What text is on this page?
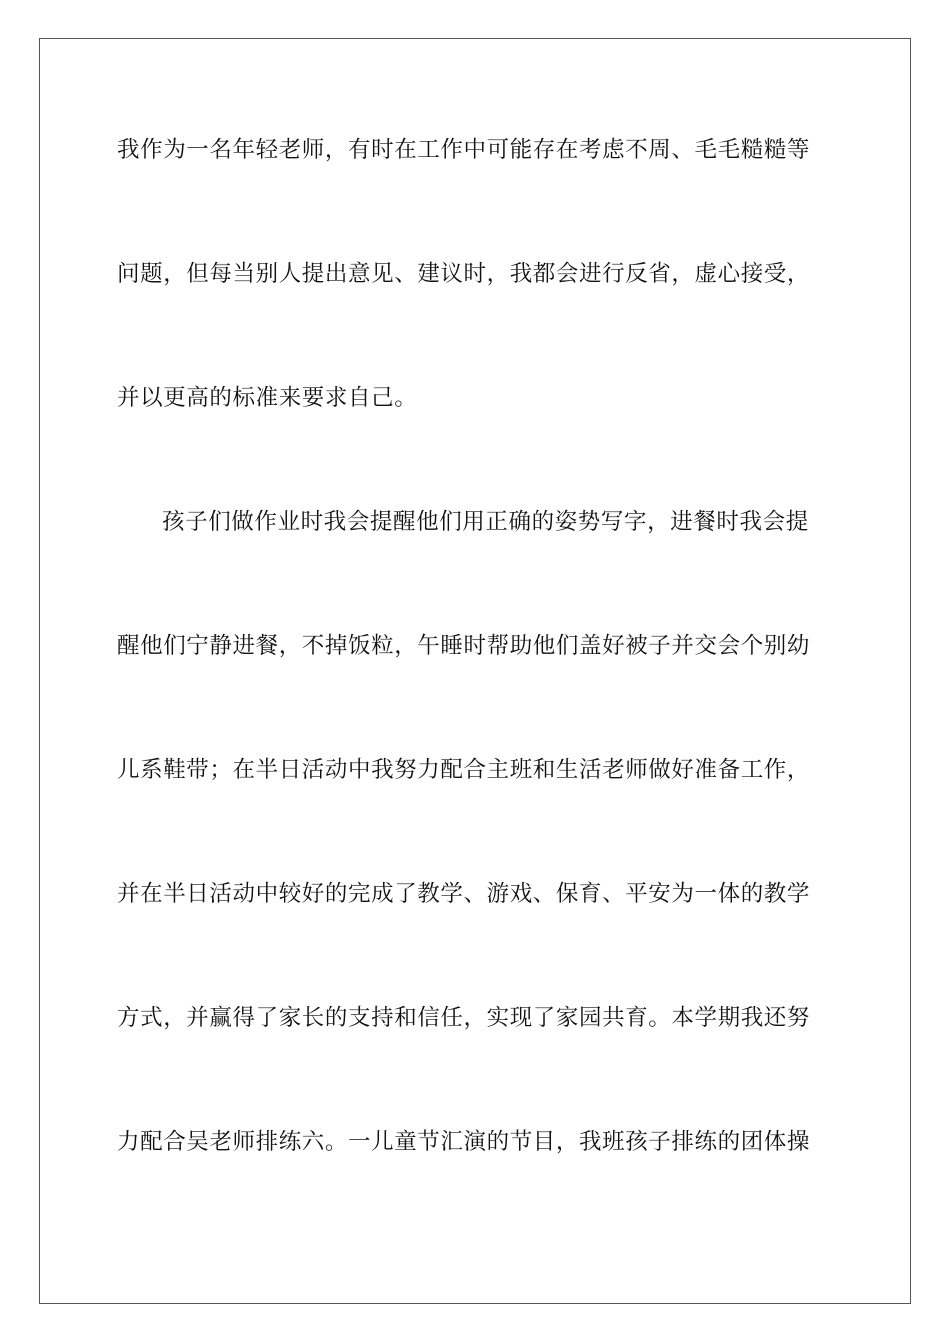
我作为一名年轻老师，有时在工作中可能存在考虑不周、毛毛糙糙等
问题，但每当别人提出意见、建议时，我都会进行反省，虚心接受，
并以更高的标准来要求自己。
孩子们做作业时我会提醒他们用正确的姿势写字，进餐时我会提
醒他们宁静进餐，不掉饭粒，午睡时帮助他们盖好被子并交会个别幼
儿系鞋带；在半日活动中我努力配合主班和生活老师做好准备工作，
并在半日活动中较好的完成了教学、游戏、保育、平安为一体的教学
方式，并赢得了家长的支持和信任，实现了家园共育。本学期我还努
力配合吴老师排练六。一儿童节汇演的节目，我班孩子排练的团体操
